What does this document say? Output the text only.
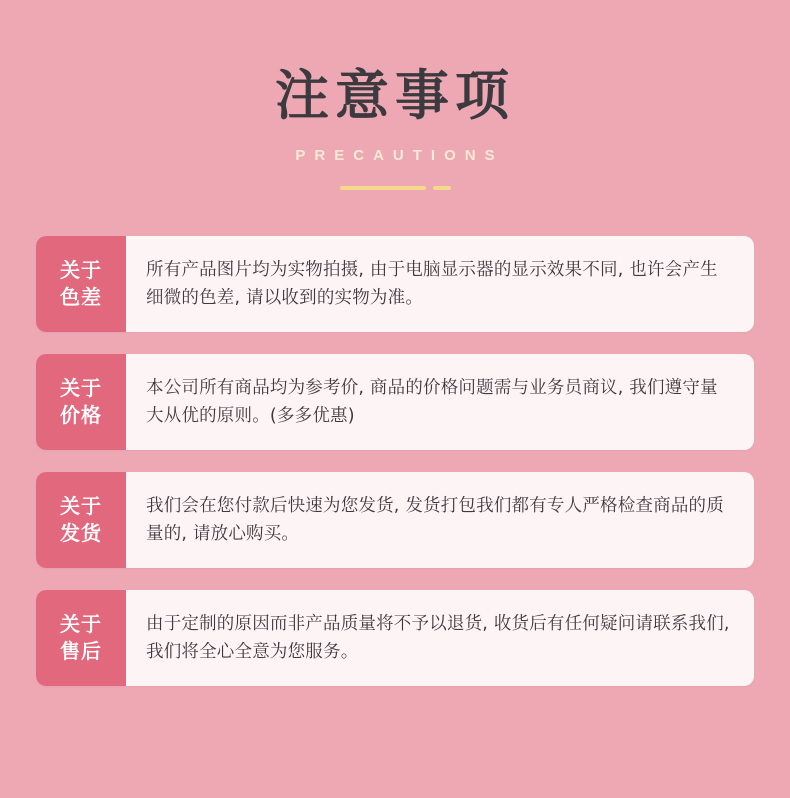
注意事项
PRECAUTIONS
关于
色差
所有产品图片均为实物拍摄, 由于电脑显示器的显示效果不同, 也许会产生细微的色差, 请以收到的实物为准。
关于
价格
本公司所有商品均为参考价, 商品的价格问题需与业务员商议, 我们遵守量大从优的原则。(多多优惠)
关于
发货
我们会在您付款后快速为您发货, 发货打包我们都有专人严格检查商品的质量的, 请放心购买。
关于
售后
由于定制的原因而非产品质量将不予以退货, 收货后有任何疑问请联系我们, 我们将全心全意为您服务。
